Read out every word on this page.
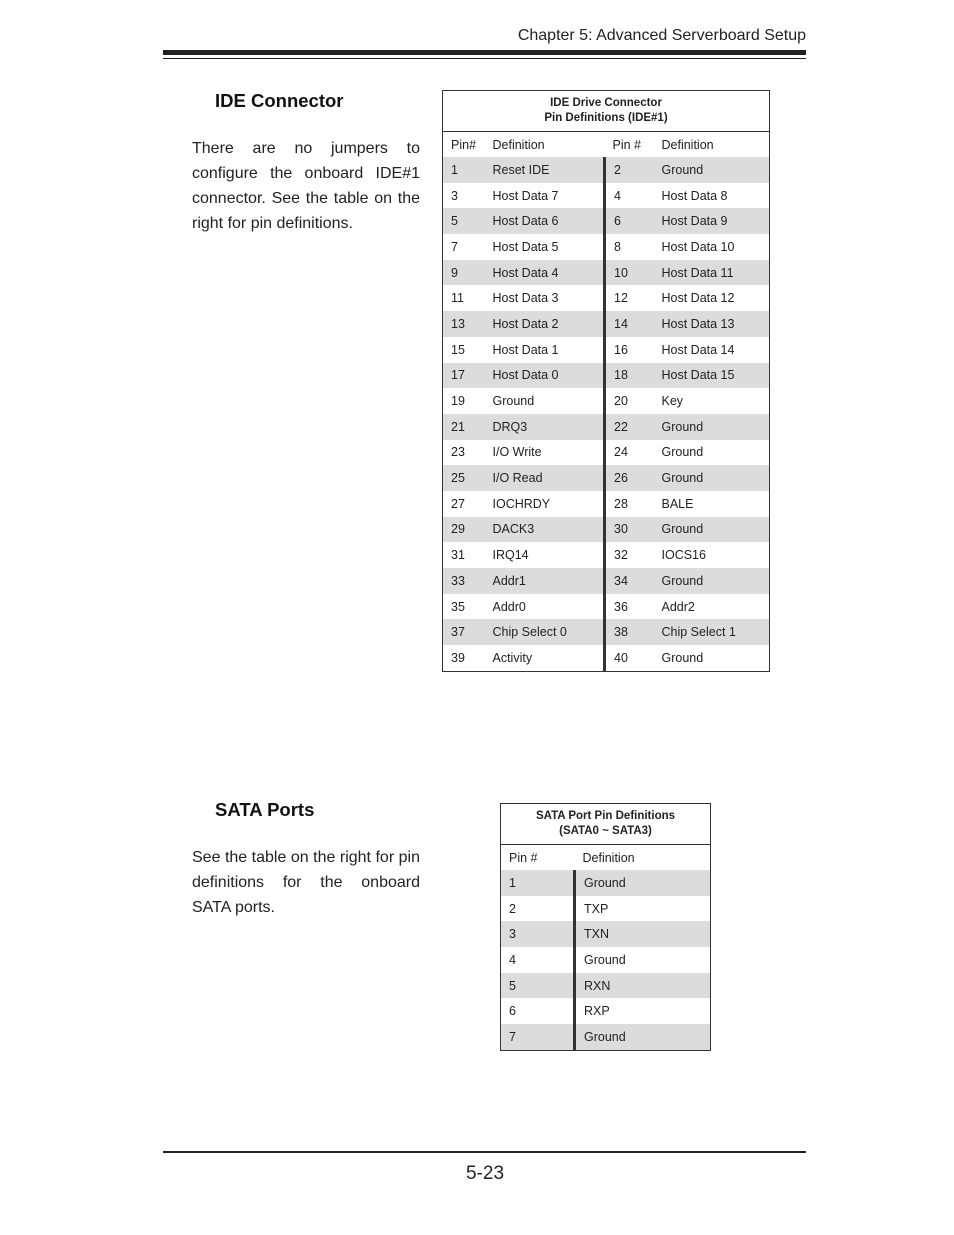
Chapter 5: Advanced Serverboard Setup
IDE Connector
There are no jumpers to configure the onboard IDE#1 connector. See the table on the right for pin definitions.
IDE Drive Connector
Pin Definitions (IDE#1)			

Pin#	Definition	Pin #	Definition
1	Reset IDE	2	Ground
3	Host Data 7	4	Host Data 8
5	Host Data 6	6	Host Data 9
7	Host Data 5	8	Host Data 10
9	Host Data 4	10	Host Data 11
11	Host Data 3	12	Host Data 12
13	Host Data 2	14	Host Data 13
15	Host Data 1	16	Host Data 14
17	Host Data 0	18	Host Data 15
19	Ground	20	Key
21	DRQ3	22	Ground
23	I/O Write	24	Ground
25	I/O Read	26	Ground
27	IOCHRDY	28	BALE
29	DACK3	30	Ground
31	IRQ14	32	IOCS16
33	Addr1	34	Ground
35	Addr0	36	Addr2
37	Chip Select 0	38	Chip Select 1
39	Activity	40	Ground
SATA Ports
See the table on the right for pin definitions for the onboard SATA ports.
SATA Port Pin Definitions
(SATA0 ~ SATA3)	

Pin #	Definition
1	Ground
2	TXP
3	TXN
4	Ground
5	RXN
6	RXP
7	Ground
5-23
